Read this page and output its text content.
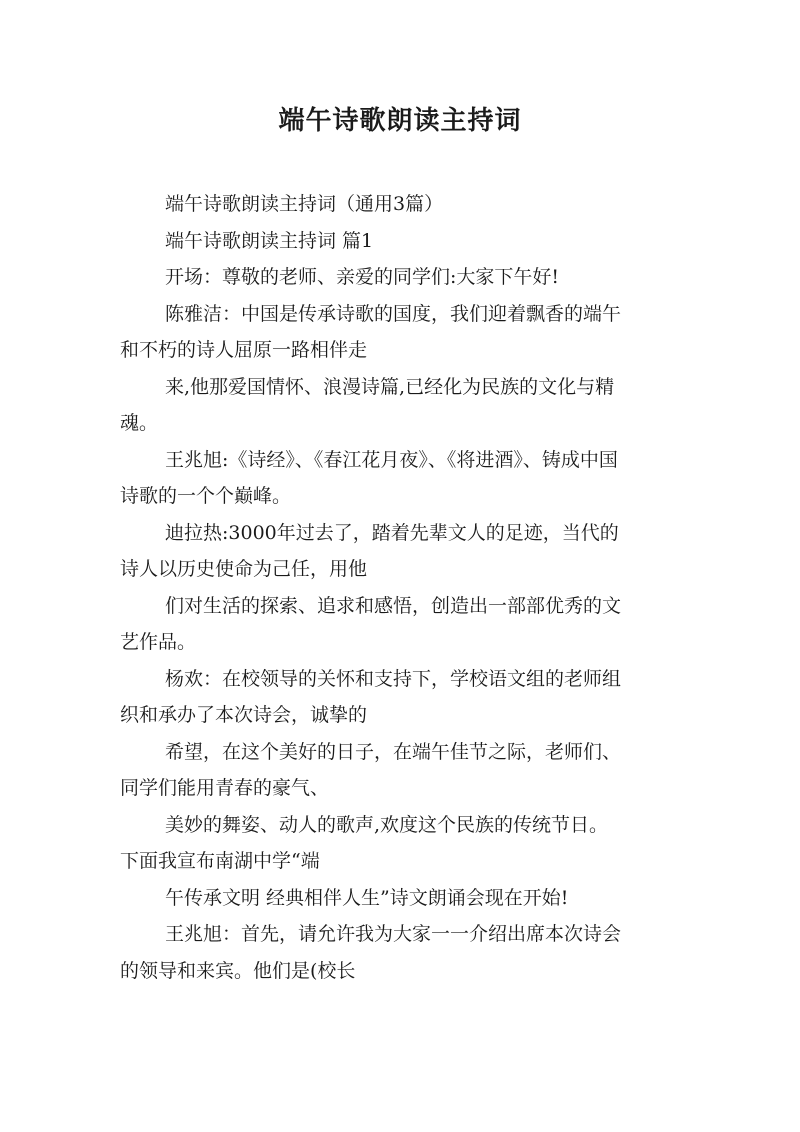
端午诗歌朗读主持词

端午诗歌朗读主持词（通用3篇）

端午诗歌朗读主持词 篇1

开场：尊敬的老师、亲爱的同学们:大家下午好!

陈雅洁：中国是传承诗歌的国度，我们迎着飘香的端午
和不朽的诗人屈原一路相伴走

来,他那爱国情怀、浪漫诗篇,已经化为民族的文化与精
魂。

王兆旭:《诗经》、《春江花月夜》、《将进酒》、铸成中国
诗歌的一个个巅峰。

迪拉热:3000年过去了，踏着先辈文人的足迹，当代的
诗人以历史使命为己任，用他

们对生活的探索、追求和感悟，创造出一部部优秀的文
艺作品。

杨欢：在校领导的关怀和支持下，学校语文组的老师组
织和承办了本次诗会，诚挚的

希望，在这个美好的日子，在端午佳节之际，老师们、
同学们能用青春的豪气、

美妙的舞姿、动人的歌声,欢度这个民族的传统节日。
下面我宣布南湖中学“端

午传承文明 经典相伴人生”诗文朗诵会现在开始!

王兆旭：首先，请允许我为大家一一介绍出席本次诗会
的领导和来宾。他们是(校长
